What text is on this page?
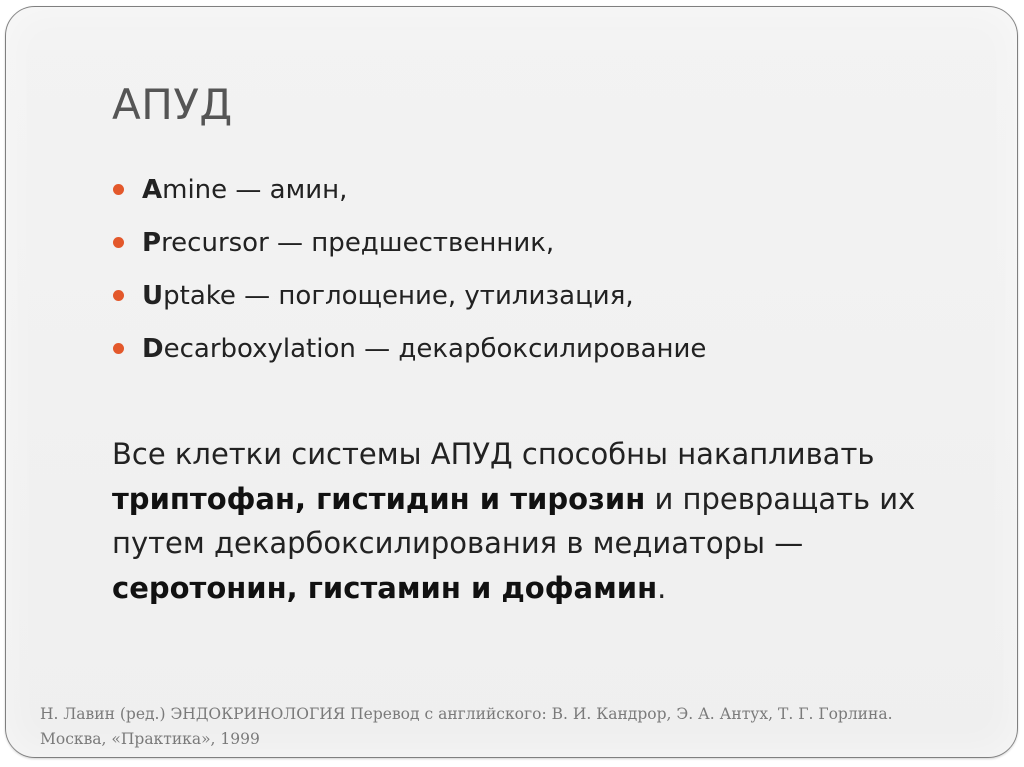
АПУД
Amine — амин,
Precursor — предшественник,
Uptake — поглощение, утилизация,
Decarboxylation — декарбоксилирование

Все клетки системы АПУД способны накапливать триптофан, гистидин и тирозин и превращать их путем декарбоксилирования в медиаторы — серотонин, гистамин и дофамин.

Н. Лавин (ред.) ЭНДОКРИНОЛОГИЯ Перевод с английского: В. И. Кандрор, Э. А. Антух, Т. Г. Горлина.
Москва, «Практика», 1999
